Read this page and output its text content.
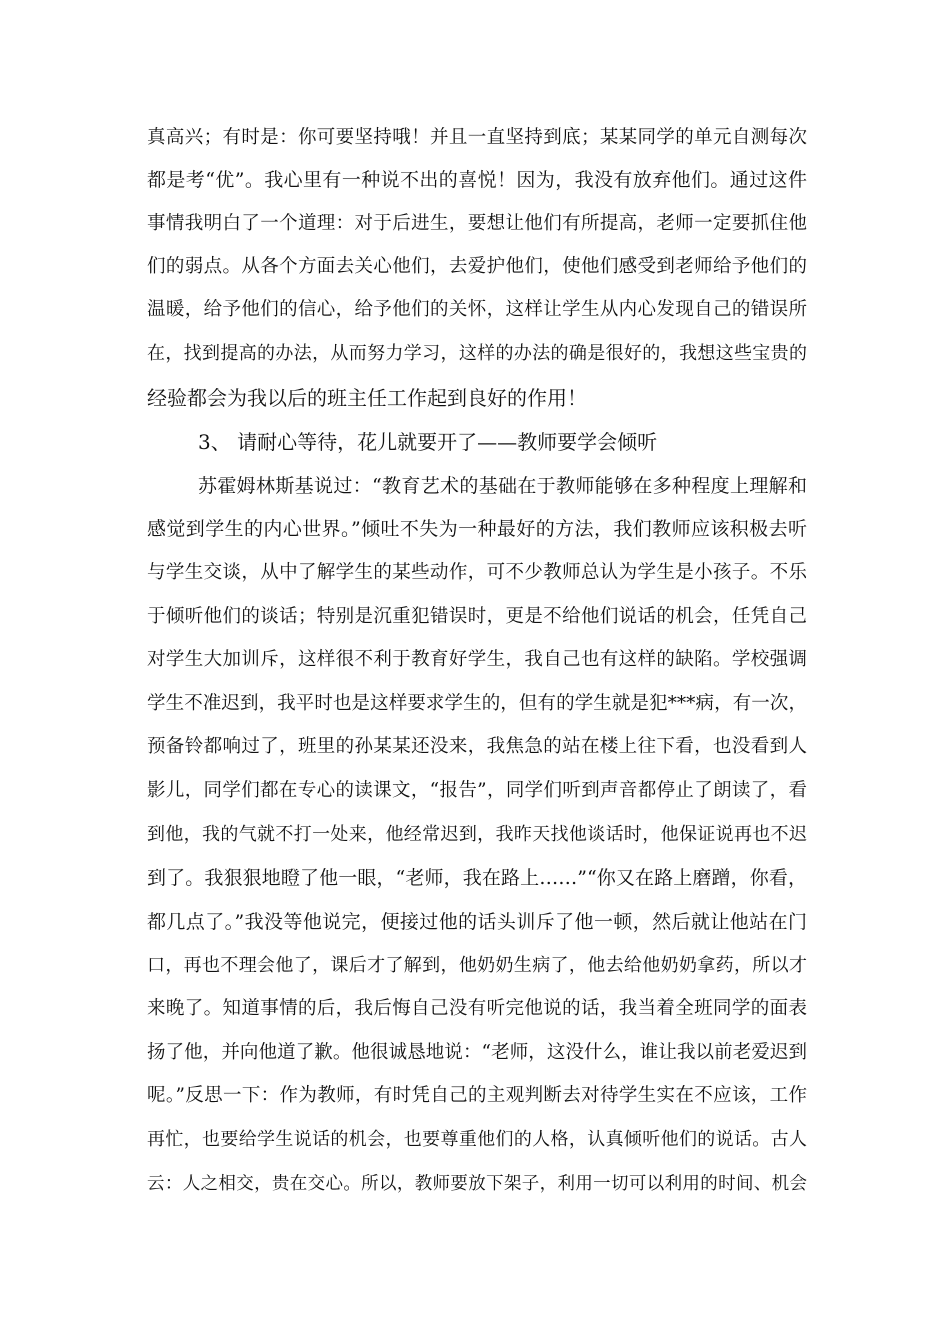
真高兴；有时是：你可要坚持哦！并且一直坚持到底；某某同学的单元自测每次
都是考“优”。我心里有一种说不出的喜悦！因为，我没有放弃他们。通过这件
事情我明白了一个道理：对于后进生，要想让他们有所提高，老师一定要抓住他
们的弱点。从各个方面去关心他们，去爱护他们，使他们感受到老师给予他们的
温暖，给予他们的信心，给予他们的关怀，这样让学生从内心发现自己的错误所
在，找到提高的办法，从而努力学习，这样的办法的确是很好的，我想这些宝贵的
经验都会为我以后的班主任工作起到良好的作用！
3、 请耐心等待，花儿就要开了——教师要学会倾听
苏霍姆林斯基说过：“教育艺术的基础在于教师能够在多种程度上理解和
感觉到学生的内心世界。”倾吐不失为一种最好的方法，我们教师应该积极去听
与学生交谈，从中了解学生的某些动作，可不少教师总认为学生是小孩子。不乐
于倾听他们的谈话；特别是沉重犯错误时，更是不给他们说话的机会，任凭自己
对学生大加训斥，这样很不利于教育好学生，我自己也有这样的缺陷。学校强调
学生不准迟到，我平时也是这样要求学生的，但有的学生就是犯***病，有一次，
预备铃都响过了，班里的孙某某还没来，我焦急的站在楼上往下看，也没看到人
影儿，同学们都在专心的读课文，“报告”，同学们听到声音都停止了朗读了，看
到他，我的气就不打一处来，他经常迟到，我昨天找他谈话时，他保证说再也不迟
到了。我狠狠地瞪了他一眼，“老师，我在路上……”“你又在路上磨蹭，你看，
都几点了。”我没等他说完，便接过他的话头训斥了他一顿，然后就让他站在门
口，再也不理会他了，课后才了解到，他奶奶生病了，他去给他奶奶拿药，所以才
来晚了。知道事情的后，我后悔自己没有听完他说的话，我当着全班同学的面表
扬了他，并向他道了歉。他很诚恳地说：“老师，这没什么，谁让我以前老爱迟到
呢。”反思一下：作为教师，有时凭自己的主观判断去对待学生实在不应该，工作
再忙，也要给学生说话的机会，也要尊重他们的人格，认真倾听他们的说话。古人
云：人之相交，贵在交心。所以，教师要放下架子，利用一切可以利用的时间、机会
